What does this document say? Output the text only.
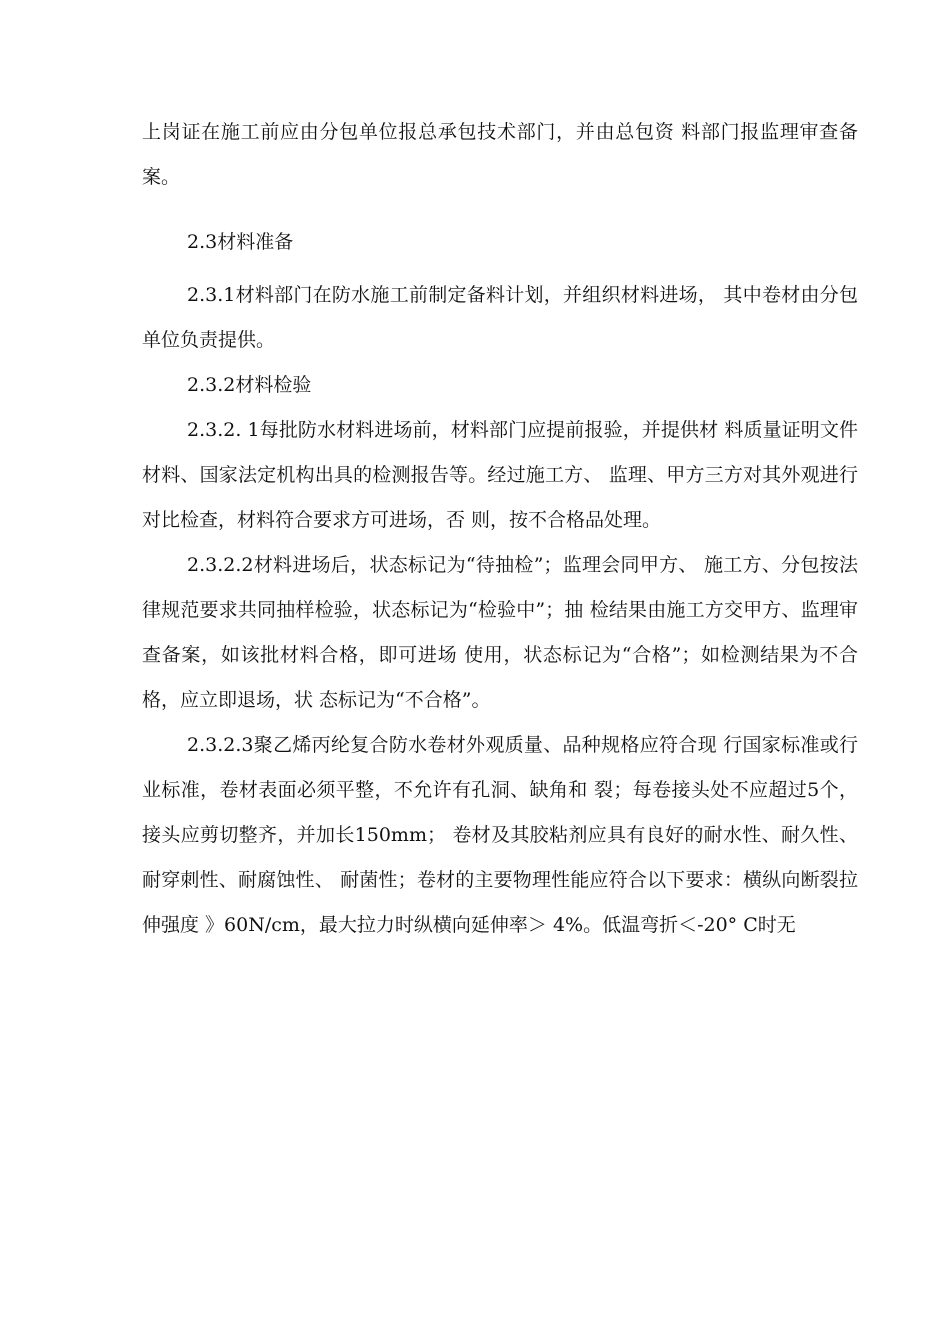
上岗证在施工前应由分包单位报总承包技术部门，并由总包资 料部门报监理审查备案。

2.3材料准备

2.3.1材料部门在防水施工前制定备料计划，并组织材料进场， 其中卷材由分包单位负责提供。

2.3.2材料检验

2.3.2. 1每批防水材料进场前，材料部门应提前报验，并提供材 料质量证明文件材料、国家法定机构出具的检测报告等。经过施工方、 监理、甲方三方对其外观进行对比检查，材料符合要求方可进场，否 则，按不合格品处理。

2.3.2.2材料进场后，状态标记为“待抽检”；监理会同甲方、 施工方、分包按法律规范要求共同抽样检验，状态标记为“检验中”；抽 检结果由施工方交甲方、监理审查备案，如该批材料合格，即可进场 使用，状态标记为“合格”；如检测结果为不合格，应立即退场，状 态标记为“不合格”。

2.3.2.3聚乙烯丙纶复合防水卷材外观质量、品种规格应符合现 行国家标准或行业标准，卷材表面必须平整，不允许有孔洞、缺角和 裂；每卷接头处不应超过5个，接头应剪切整齐，并加长150mm； 卷材及其胶粘剂应具有良好的耐水性、耐久性、耐穿刺性、耐腐蚀性、 耐菌性；卷材的主要物理性能应符合以下要求：横纵向断裂拉伸强度 》60N/cm，最大拉力时纵横向延伸率＞ 4%。低温弯折＜-20° C时无
